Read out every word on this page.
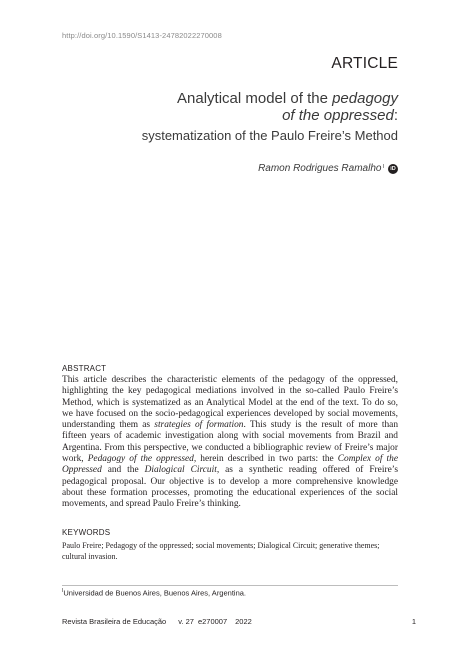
http://doi.org/10.1590/S1413-24782022270008
ARTICLE
Analytical model of the pedagogy
of the oppressed:
systematization of the Paulo Freire’s Method
Ramon Rodrigues Ramalho I	iD
ABSTRACT

This article describes the characteristic elements of the pedagogy of the oppressed, highlighting the key pedagogical mediations involved in the so-called Paulo Freire’s Method, which is systematized as an Analytical Model at the end of the text. To do so, we have focused on the socio-pedagogical experiences developed by social movements, understanding them as strategies of formation. This study is the result of more than fifteen years of academic investigation along with social movements from Brazil and Argentina. From this perspective, we conducted a bibliographic review of Freire’s major work, Pedagogy of the oppressed, herein described in two parts: the Complex of the Oppressed and the Dialogical Circuit, as a synthetic reading offered of Freire’s pedagogical proposal. Our objective is to develop a more comprehensive knowledge about these formation processes, promoting the educational experiences of the social movements, and spread Paulo Freire’s thinking.

KEYWORDS

Paulo Freire; Pedagogy of the oppressed; social movements; Dialogical Circuit; generative themes; cultural invasion.

$^I$Universidad de Buenos Aires, Buenos Aires, Argentina.
Revista Brasileira de Educação v. 27 e270007 2022	1
